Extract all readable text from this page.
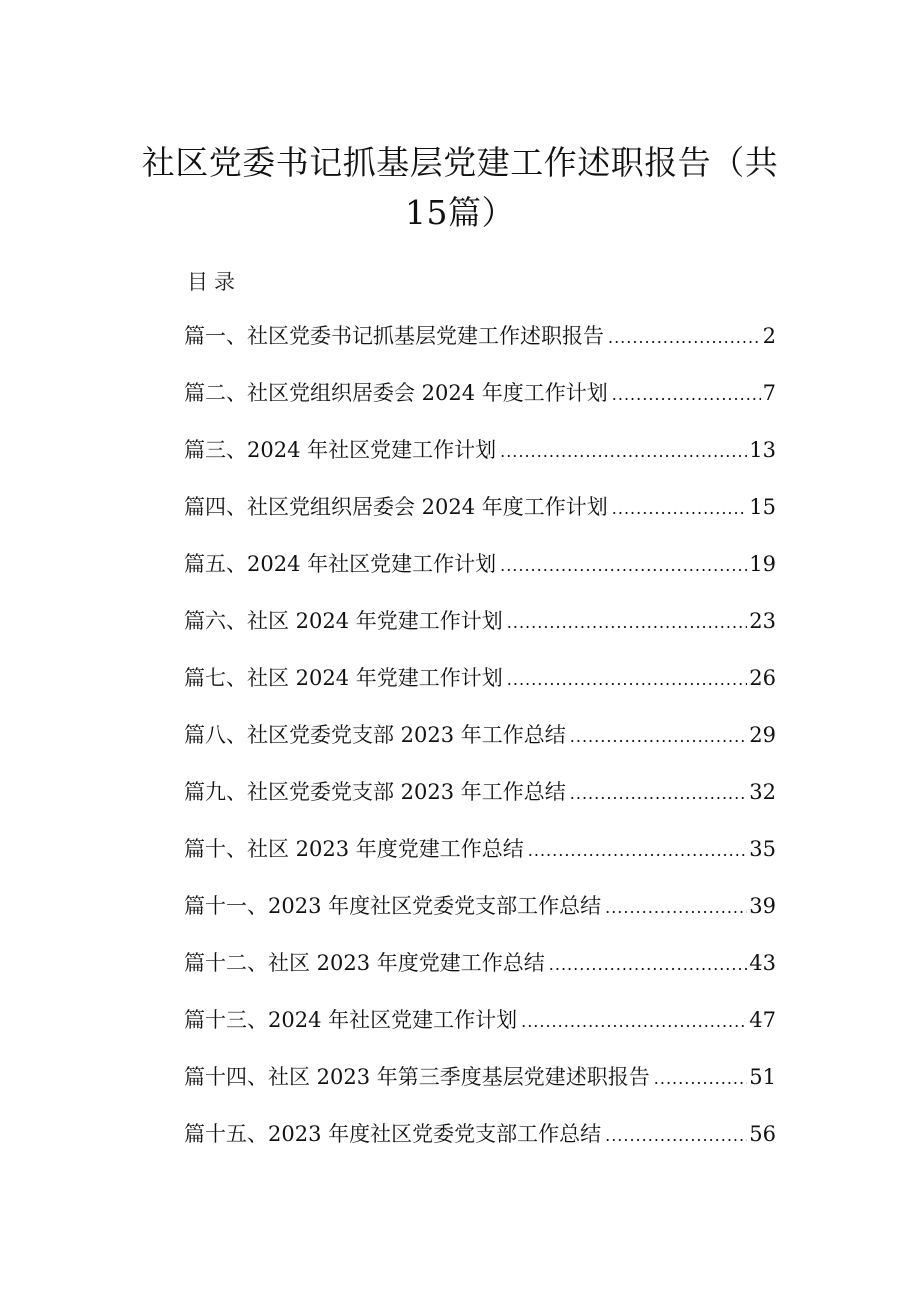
社区党委书记抓基层党建工作述职报告（共
15篇）
目录
篇一、社区党委书记抓基层党建工作述职报告 .....	2
篇二、社区党组织居委会 2024 年度工作计划 .....	7
篇三、2024 年社区党建工作计划 .....	13
篇四、社区党组织居委会 2024 年度工作计划 .....	15
篇五、2024 年社区党建工作计划 .....	19
篇六、社区 2024 年党建工作计划 .....	23
篇七、社区 2024 年党建工作计划 .....	26
篇八、社区党委党支部 2023 年工作总结 .....	29
篇九、社区党委党支部 2023 年工作总结 .....	32
篇十、社区 2023 年度党建工作总结 .....	35
篇十一、2023 年度社区党委党支部工作总结 .....	39
篇十二、社区 2023 年度党建工作总结 .....	43
篇十三、2024 年社区党建工作计划 .....	47
篇十四、社区 2023 年第三季度基层党建述职报告 .....	51
篇十五、2023 年度社区党委党支部工作总结 .....	56
